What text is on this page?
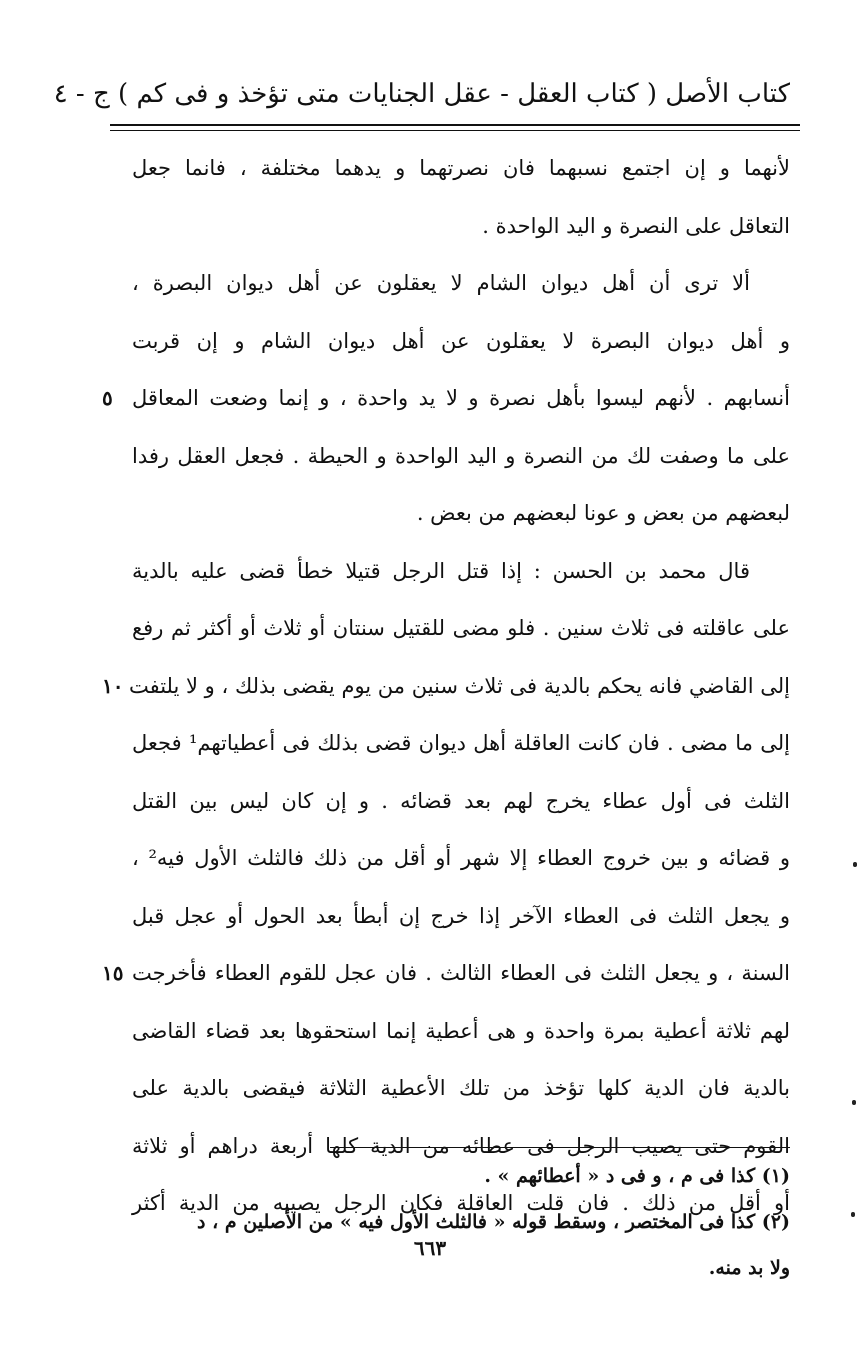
كتاب الأصل ( كتاب العقل - عقل الجنايات متى تؤخذ و فى كم ) ج - ٤
لأنهما و إن اجتمع نسبهما فان نصرتهما و يدهما مختلفة ، فانما جعل
التعاقل على النصرة و اليد الواحدة .
ألا ترى أن أهل ديوان الشام لا يعقلون عن أهل ديوان البصرة ،
و أهل ديوان البصرة لا يعقلون عن أهل ديوان الشام و إن قربت
أنسابهم . لأنهم ليسوا بأهل نصرة و لا يد واحدة ، و إنما وضعت المعاقل
على ما وصفت لك من النصرة و اليد الواحدة و الحيطة . فجعل العقل رفدا
لبعضهم من بعض و عونا لبعضهم من بعض .
قال محمد بن الحسن : إذا قتل الرجل قتيلا خطأ قضى عليه بالدية
على عاقلته فى ثلاث سنين . فلو مضى للقتيل سنتان أو ثلاث أو أكثر ثم رفع
إلى القاضي فانه يحكم بالدية فى ثلاث سنين من يوم يقضى بذلك ، و لا يلتفت
إلى ما مضى . فان كانت العاقلة أهل ديوان قضى بذلك فى أعطياتهم¹ فجعل
الثلث فى أول عطاء يخرج لهم بعد قضائه . و إن كان ليس بين القتل
و قضائه و بين خروج العطاء إلا شهر أو أقل من ذلك فالثلث الأول فيه² ،
و يجعل الثلث فى العطاء الآخر إذا خرج إن أبطأ بعد الحول أو عجل قبل
السنة ، و يجعل الثلث فى العطاء الثالث . فان عجل للقوم العطاء فأخرجت
لهم ثلاثة أعطية بمرة واحدة و هى أعطية إنما استحقوها بعد قضاء القاضى
بالدية فان الدية كلها تؤخذ من تلك الأعطية الثلاثة فيقضى بالدية على
القوم حتى يصيب الرجل فى عطائه من الدية كلها أربعة دراهم أو ثلاثة
أو أقل من ذلك . فان قلت العاقلة فكان الرجل يصيبه من الدية أكثر
٥
١٠
١٥
(١) كذا فى م ، و فى د « أعطائهم » .
(٢) كذا فى المختصر ، وسقط قوله « فالثلث الأول فيه » من الأصلين م ، د
ولا بد منه.
٦٦٣
